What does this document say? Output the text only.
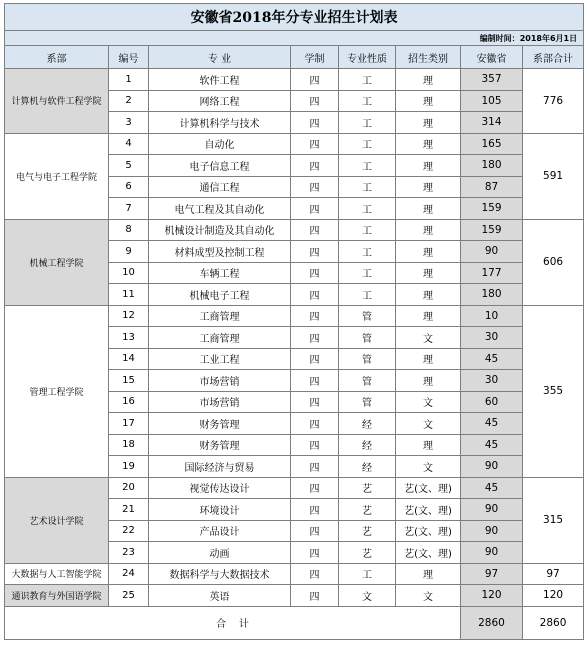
安徽省2018年分专业招生计划表							
编制时间：2018年6月1日							
系部	编号	专 业	学制	专业性质	招生类别	安徽省	系部合计
计算机与软件工程学院	1	软件工程	四	工	理	357	776
	2	网络工程	四	工	理	105	
	3	计算机科学与技术	四	工	理	314	
电气与电子工程学院	4	自动化	四	工	理	165	591
	5	电子信息工程	四	工	理	180	
	6	通信工程	四	工	理	87	
	7	电气工程及其自动化	四	工	理	159	
机械工程学院	8	机械设计制造及其自动化	四	工	理	159	606
	9	材料成型及控制工程	四	工	理	90	
	10	车辆工程	四	工	理	177	
	11	机械电子工程	四	工	理	180	
管理工程学院	12	工商管理	四	管	理	10	355
	13	工商管理	四	管	文	30	
	14	工业工程	四	管	理	45	
	15	市场营销	四	管	理	30	
	16	市场营销	四	管	文	60	
	17	财务管理	四	经	文	45	
	18	财务管理	四	经	理	45	
	19	国际经济与贸易	四	经	文	90	
艺术设计学院	20	视觉传达设计	四	艺	艺(文、理)	45	315
	21	环境设计	四	艺	艺(文、理)	90	
	22	产品设计	四	艺	艺(文、理)	90	
	23	动画	四	艺	艺(文、理)	90	
大数据与人工智能学院	24	数据科学与大数据技术	四	工	理	97	97
通识教育与外国语学院	25	英语	四	文	文	120	120
合    计						2860	2860
